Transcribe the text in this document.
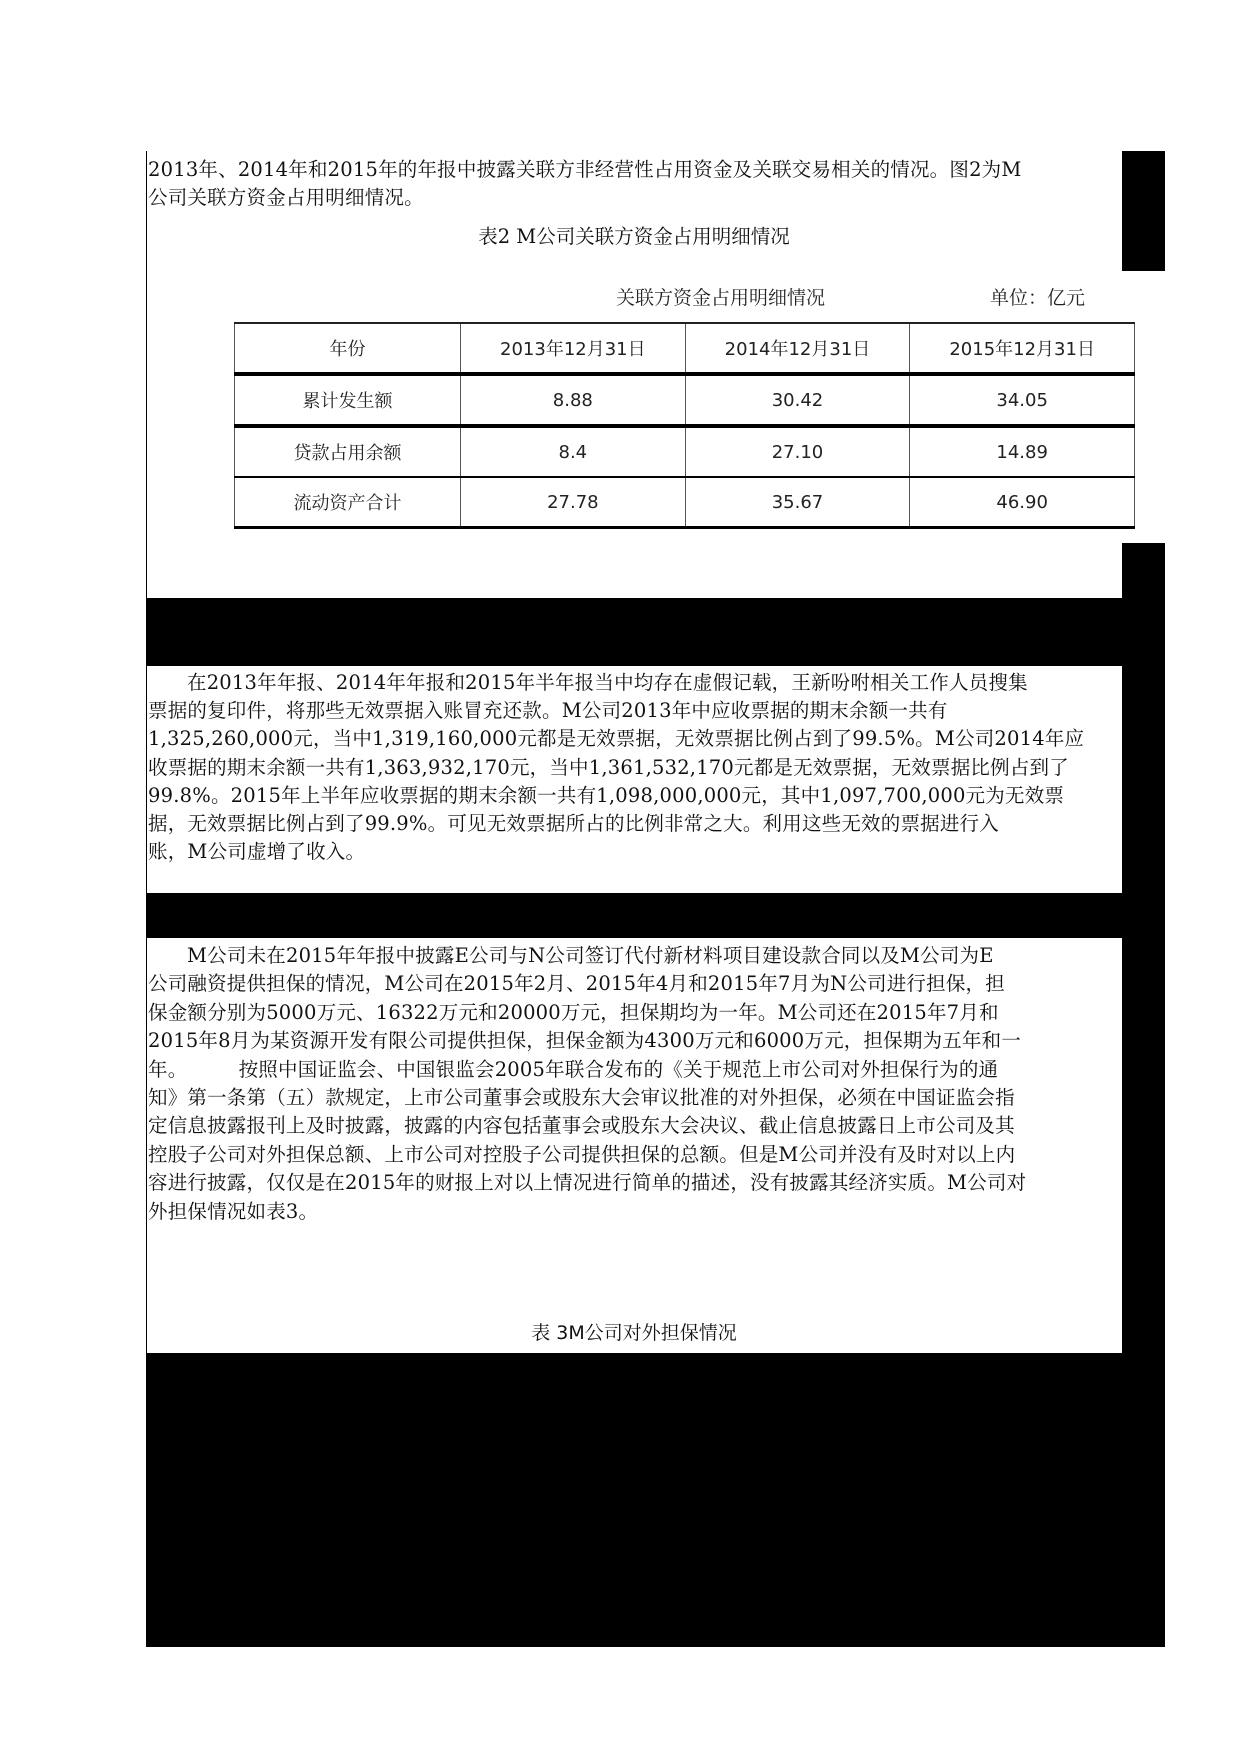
2013年、2014年和2015年的年报中披露关联方非经营性占用资金及关联交易相关的情况。图2为M

公司关联方资金占用明细情况。

表2 M公司关联方资金占用明细情况
关联方资金占用明细情况	单位：亿元
年份	2013年12月31日	2014年12月31日	2015年12月31日
累计发生额	8.88	30.42	34.05
贷款占用余额	8.4	27.10	14.89
流动资产合计	27.78	35.67	46.90

在2013年年报、2014年年报和2015年半年报当中均存在虚假记载，王新吩咐相关工作人员搜集

票据的复印件，将那些无效票据入账冒充还款。M公司2013年中应收票据的期末余额一共有

1,325,260,000元，当中1,319,160,000元都是无效票据，无效票据比例占到了99.5%。M公司2014年应

收票据的期末余额一共有1,363,932,170元，当中1,361,532,170元都是无效票据，无效票据比例占到了

99.8%。2015年上半年应收票据的期末余额一共有1,098,000,000元，其中1,097,700,000元为无效票

据，无效票据比例占到了99.9%。可见无效票据所占的比例非常之大。利用这些无效的票据进行入

账，M公司虚增了收入。

M公司未在2015年年报中披露E公司与N公司签订代付新材料项目建设款合同以及M公司为E

公司融资提供担保的情况，M公司在2015年2月、2015年4月和2015年7月为N公司进行担保，担

保金额分别为5000万元、16322万元和20000万元，担保期均为一年。M公司还在2015年7月和

2015年8月为某资源开发有限公司提供担保，担保金额为4300万元和6000万元，担保期为五年和一

年。        按照中国证监会、中国银监会2005年联合发布的《关于规范上市公司对外担保行为的通

知》第一条第（五）款规定，上市公司董事会或股东大会审议批准的对外担保，必须在中国证监会指

定信息披露报刊上及时披露，披露的内容包括董事会或股东大会决议、截止信息披露日上市公司及其

控股子公司对外担保总额、上市公司对控股子公司提供担保的总额。但是M公司并没有及时对以上内

容进行披露，仅仅是在2015年的财报上对以上情况进行简单的描述，没有披露其经济实质。M公司对

外担保情况如表3。

表 3M公司对外担保情况
